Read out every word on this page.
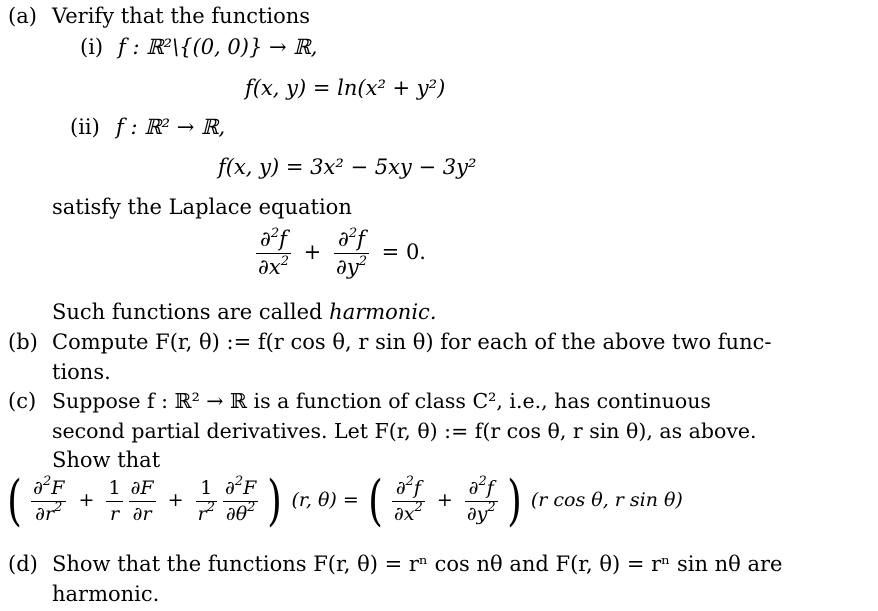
(a) Verify that the functions
(i) f : ℝ²\{(0, 0)} → ℝ,
f(x, y) = ln(x² + y²)
(ii) f : ℝ² → ℝ,
f(x, y) = 3x² − 5xy − 3y²
satisfy the Laplace equation
$\frac{\partial^2f}{\partial x^2} + \frac{\partial^2f}{\partial y^2} = 0$.
Such functions are called harmonic.
(b) Compute F(r, θ) := f(r cos θ, r sin θ) for each of the above two func-
tions.
(c) Suppose f : ℝ² → ℝ is a function of class C², i.e., has continuous
second partial derivatives. Let F(r, θ) := f(r cos θ, r sin θ), as above.
Show that
( $\frac{\partial^2F}{\partial r^2} + \frac{1}{r}$
$\frac{\partial F}{\partial r} + \frac{1}{r^2}$
$\frac{\partial^2F}{\partial\theta^2}$ ) (r, θ) = ( $\frac{\partial^2f}{\partial x^2} + \frac{\partial^2f}{\partial y^2}$ ) (r cos θ, r sin θ)
(d) Show that the functions F(r, θ) = rⁿ cos nθ and F(r, θ) = rⁿ sin nθ are
harmonic.
